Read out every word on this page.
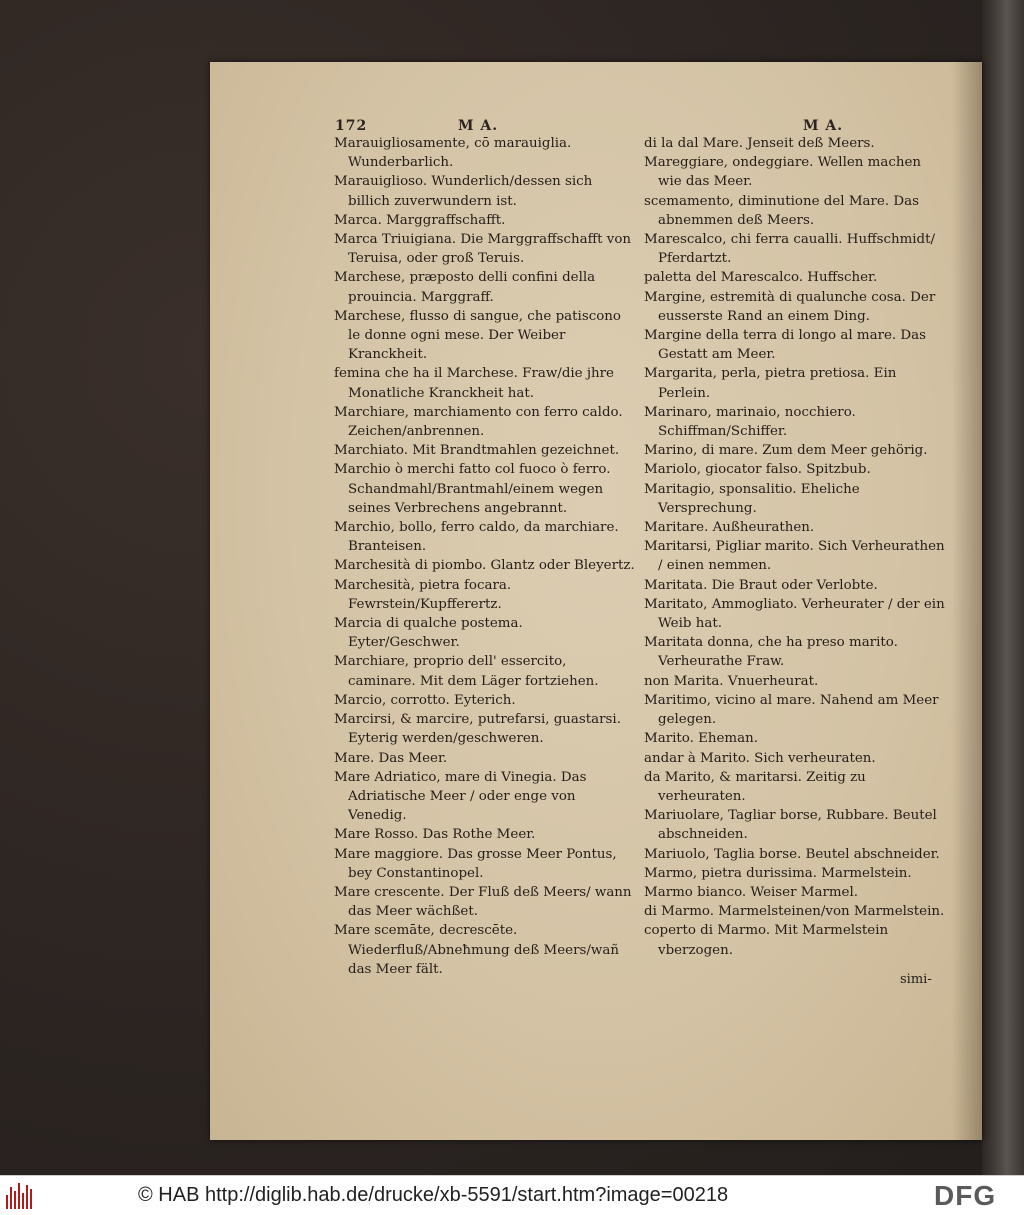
172	M A.	M A.

Marauigliosamente, cō marauiglia. Wunderbarlich.

Marauiglioso. Wunderlich/dessen sich billich zuverwundern ist.

Marca. Marggraffschafft.

Marca Triuigiana. Die Marggraffschafft von Teruisa, oder groß Teruis.

Marchese, præposto delli confini della prouincia. Marggraff.

Marchese, flusso di sangue, che patiscono le donne ogni mese. Der Weiber Kranckheit.

femina che ha il Marchese. Fraw/die jhre Monatliche Kranckheit hat.

Marchiare, marchiamento con ferro caldo. Zeichen/anbrennen.

Marchiato. Mit Brandtmahlen gezeichnet.

Marchio ò merchi fatto col fuoco ò ferro. Schandmahl/Brantmahl/einem wegen seines Verbrechens angebrannt.

Marchio, bollo, ferro caldo, da marchiare. Branteisen.

Marchesità di piombo. Glantz oder Bleyertz.

Marchesità, pietra focara. Fewrstein/Kupfferertz.

Marcia di qualche postema. Eyter/Geschwer.

Marchiare, proprio dell' essercito, caminare. Mit dem Läger fortziehen.

Marcio, corrotto. Eyterich.

Marcirsi, & marcire, putrefarsi, guastarsi. Eyterig werden/geschweren.

Mare. Das Meer.

Mare Adriatico, mare di Vinegia. Das Adriatische Meer / oder enge von Venedig.

Mare Rosso. Das Rothe Meer.

Mare maggiore. Das grosse Meer Pontus, bey Constantinopel.

Mare crescente. Der Fluß deß Meers/ wann das Meer wächßet.

Mare scemāte, decrescēte. Wiederfluß/Abneħmung deß Meers/wañ das Meer fält.

di la dal Mare. Jenseit deß Meers.

Mareggiare, ondeggiare. Wellen machen wie das Meer.

scemamento, diminutione del Mare. Das abnemmen deß Meers.

Marescalco, chi ferra caualli. Huffschmidt/ Pferdartzt.

paletta del Marescalco. Huffscher.

Margine, estremità di qualunche cosa. Der eusserste Rand an einem Ding.

Margine della terra di longo al mare. Das Gestatt am Meer.

Margarita, perla, pietra pretiosa. Ein Perlein.

Marinaro, marinaio, nocchiero. Schiffman/Schiffer.

Marino, di mare. Zum dem Meer gehörig.

Mariolo, giocator falso. Spitzbub.

Maritagio, sponsalitio. Eheliche Versprechung.

Maritare. Außheurathen.

Maritarsi, Pigliar marito. Sich Verheurathen / einen nemmen.

Maritata. Die Braut oder Verlobte.

Maritato, Ammogliato. Verheurater / der ein Weib hat.

Maritata donna, che ha preso marito. Verheurathe Fraw.

non Marita. Vnuerheurat.

Maritimo, vicino al mare. Nahend am Meer gelegen.

Marito. Eheman.

andar à Marito. Sich verheuraten.

da Marito, & maritarsi. Zeitig zu verheuraten.

Mariuolare, Tagliar borse, Rubbare. Beutel abschneiden.

Mariuolo, Taglia borse. Beutel abschneider.

Marmo, pietra durissima. Marmelstein.

Marmo bianco. Weiser Marmel.

di Marmo. Marmelsteinen/von Marmelstein.

coperto di Marmo. Mit Marmelstein vberzogen.

simi-
© HAB http://diglib.hab.de/drucke/xb-5591/start.htm?image=00218	DFG
